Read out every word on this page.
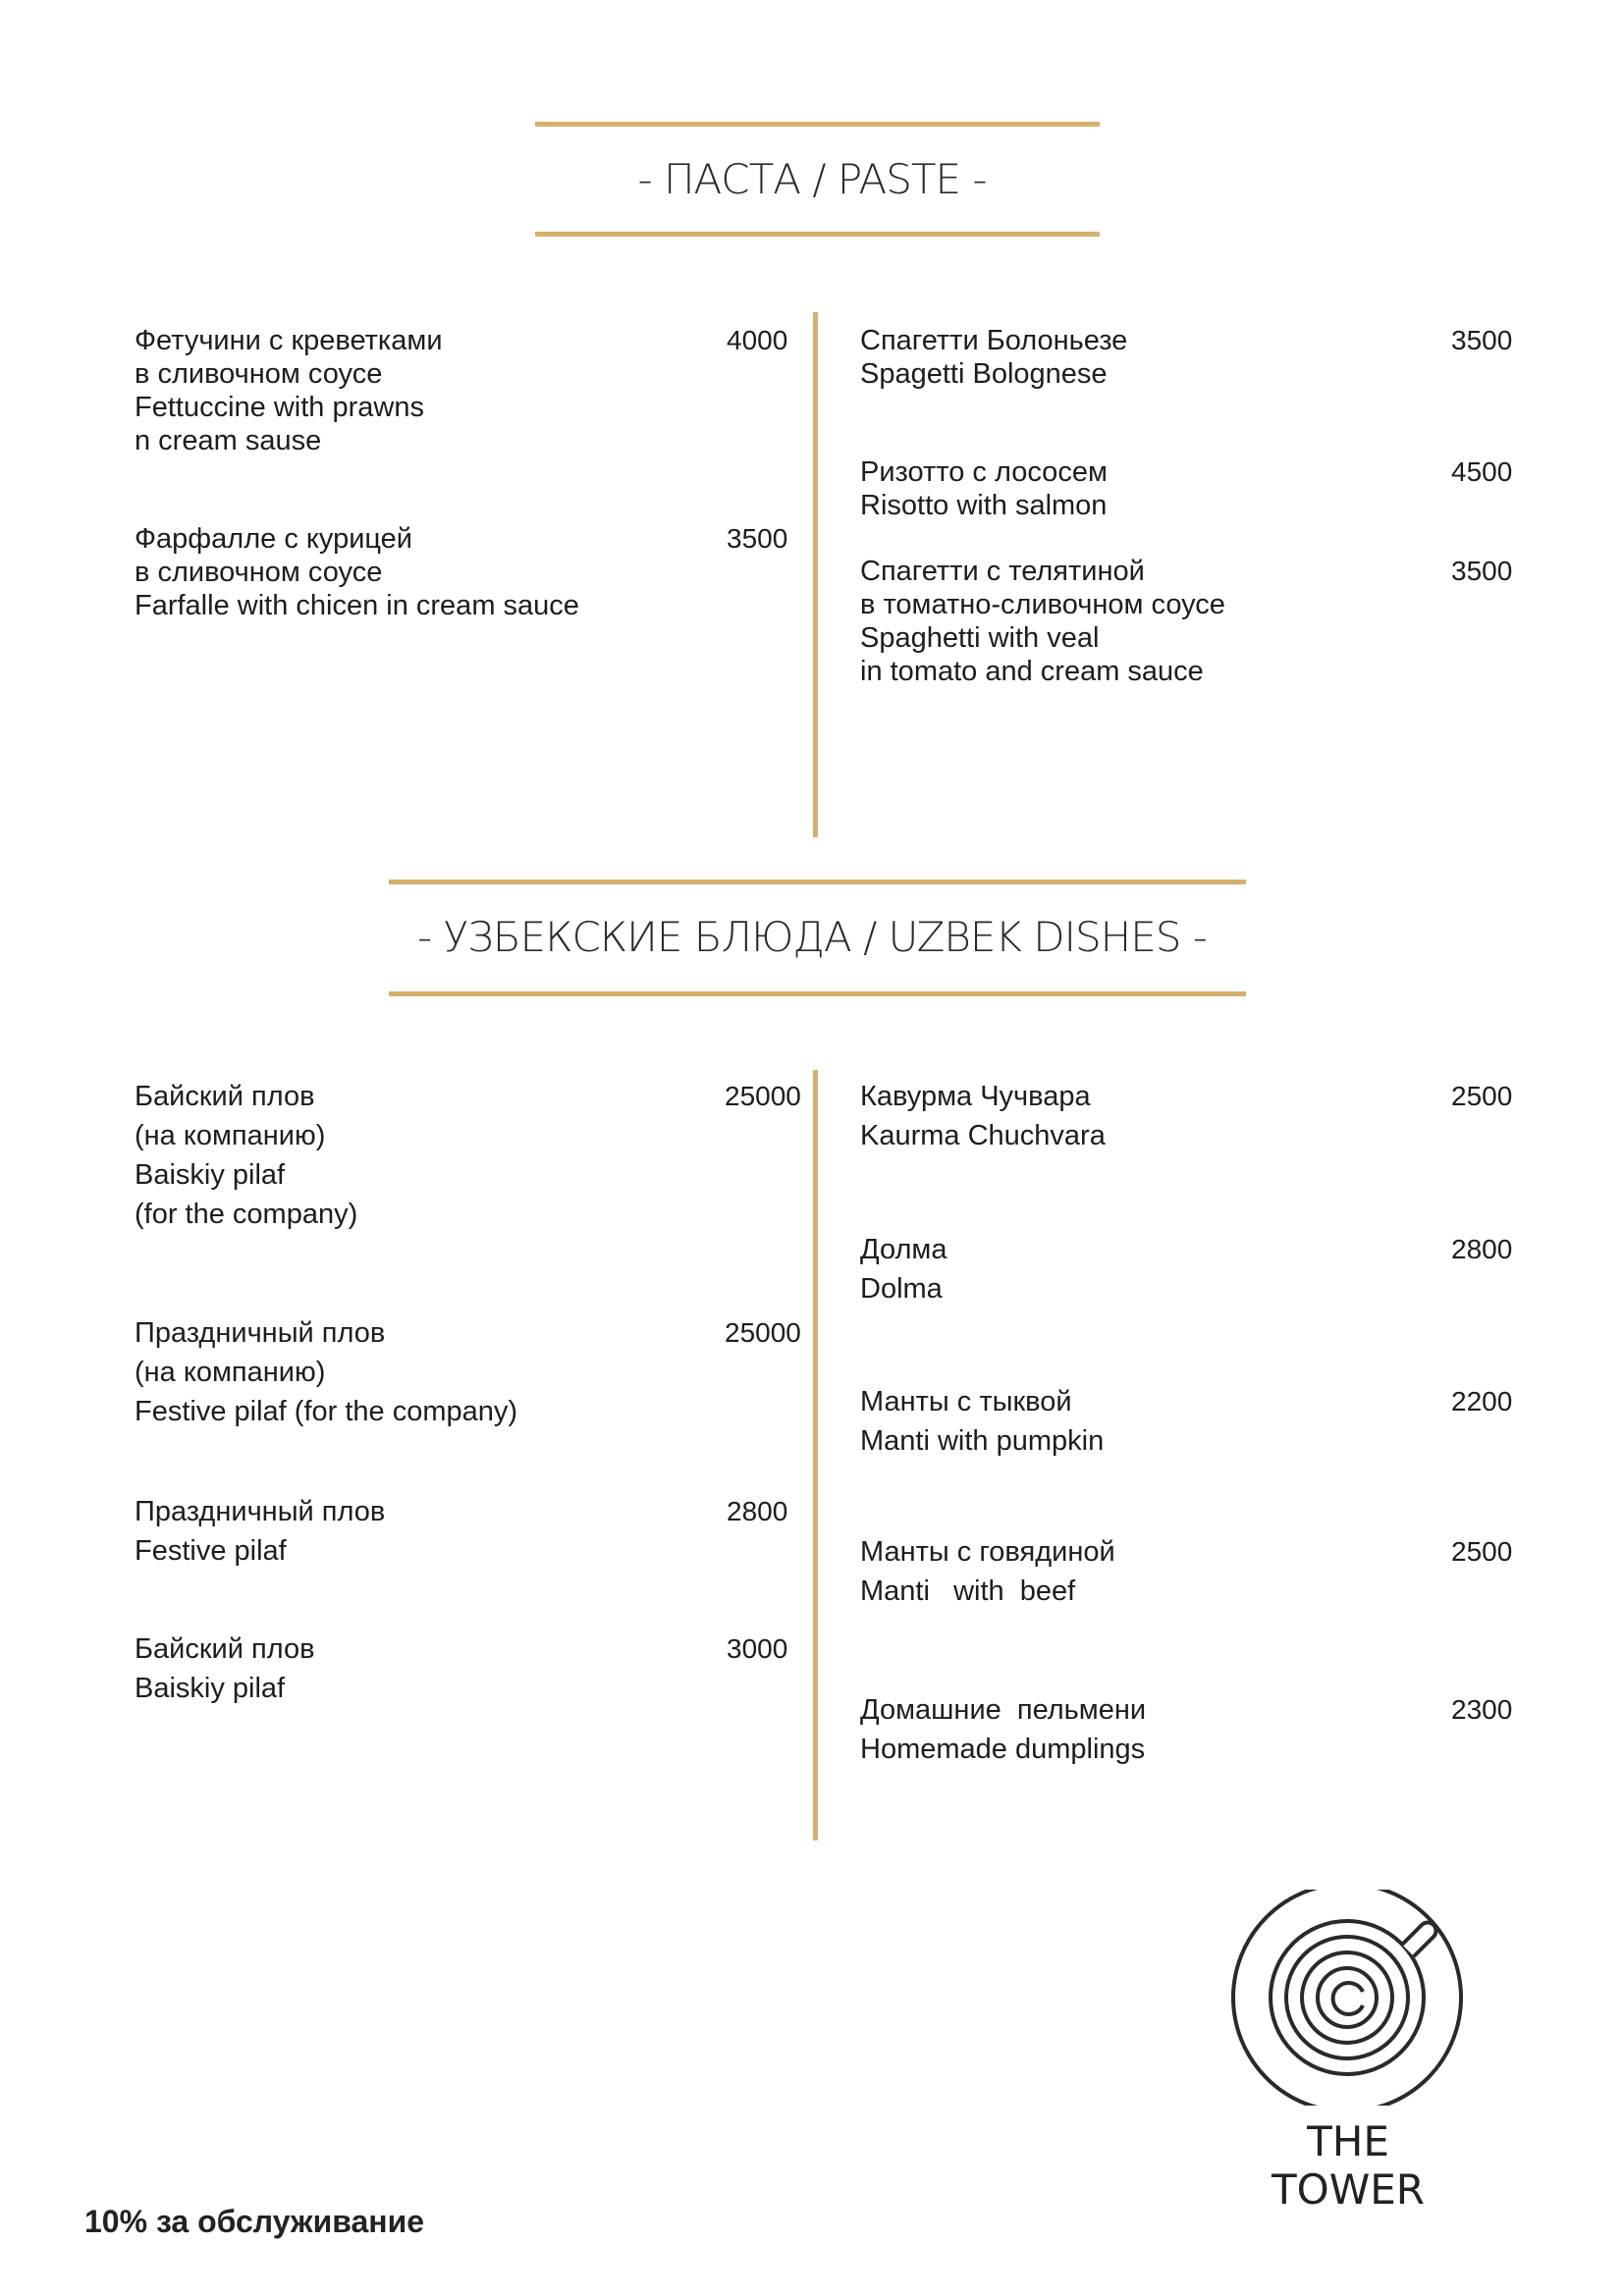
- ПАСТА / PASTE -
Фетучини с креветками
в сливочном соусе
Fettuccine with prawns
n cream sause
4000
Фарфалле с курицей
в сливочном соусе
Farfalle with chicen in cream sauce
3500
Спагетти Болоньезе
Spagetti Bolognese
3500
Ризотто с лососем
Risotto with salmon
4500
Спагетти с телятиной
в томатно-сливочном соусе
Spaghetti with veal
in tomato and cream sauce
3500
- УЗБЕКСКИЕ БЛЮДА / UZBEK DISHES -
Байский плов
(на компанию)
Baiskiy pilaf
(for the company)
25000
Праздничный плов
(на компанию)
Festive pilaf (for the company)
25000
Праздничный плов
Festive pilaf
2800
Байский плов
Baiskiy pilaf
3000
Кавурма Чучвара
Kaurma Chuchvara
2500
Долма
Dolma
2800
Манты с тыквой
Manti with pumpkin
2200
Манты с говядиной
Manti   with  beef
2500
Домашние  пельмени
Homemade dumplings
2300
THE TOWER
10% за обслуживание
